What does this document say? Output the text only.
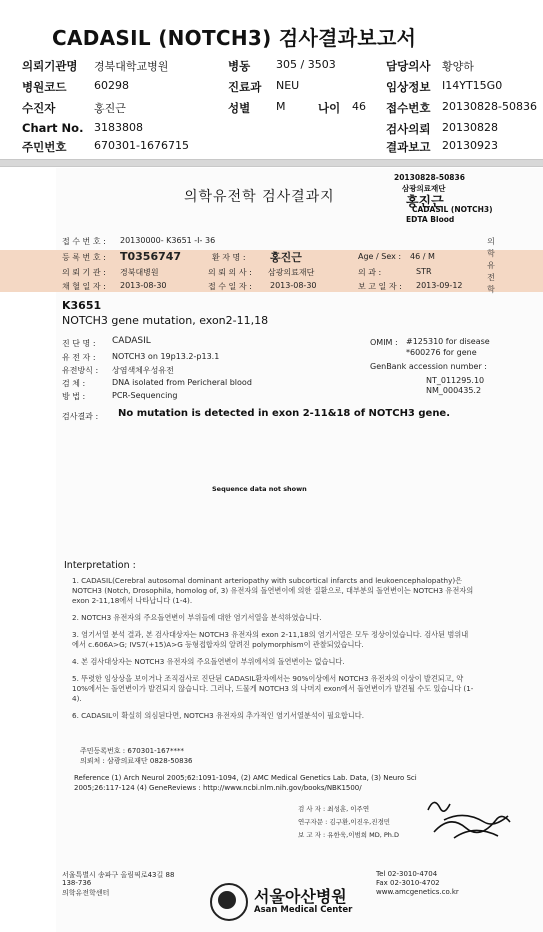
CADASIL (NOTCH3) 검사결과보고서
의뢰기관명 경북대학교병원	병동 305 / 3503	담당의사 황양하
병원코드	60298	진료과 NEU	임상정보 I14YT15G0
수진자	홍진근	성별 M	나이 46 접수번호 20130828-50836
Chart No. 3183808	검사의뢰 20130828
주민번호	670301-1676715	결과보고 20130923
의학유전학 검사결과지
20130828-50836
삼광의료재단
홍진근
CADASIL (NOTCH3)
EDTA Blood
접 수 번 호 : 20130000- K3651 -I- 36
등 록 번 호 : T0356747	환 자 명 : 홍진근	Age / Sex : 46 / M
의 뢰 기 관 : 경북대병원	의 뢰 의 사 : 삼광의료재단	의 과 :	STR
채 혈 일 자 : 2013-08-30	접 수 일 자 : 2013-08-30	보 고 일 자 : 2013-09-12
의
학
유
전
학
K3651
NOTCH3 gene mutation, exon2-11,18
진 단 명 : CADASIL
유 전 자 : NOTCH3 on 19p13.2-p13.1
유전방식 : 상염색체우성유전
검 체 :	DNA isolated from Pericheral blood
방 법 :	PCR-Sequencing
OMIM : #125310 for disease
*600276 for gene
GenBank accession number :
NT_011295.10
NM_000435.2
검사결과 : No mutation is detected in exon 2-11&18 of NOTCH3 gene.
Sequence data not shown
Interpretation :

1. CADASIL(Cerebral autosomal dominant arteriopathy with subcortical infarcts and leukoencephalopathy)은 NOTCH3 (Notch, Drosophila, homolog of, 3) 유전자의 돌연변이에 의한 질환으로, 대부분의 돌연변이는 NOTCH3 유전자의 exon 2-11,18에서 나타납니다 (1-4).

2. NOTCH3 유전자의 주요돌연변이 부위들에 대한 염기서열을 분석하였습니다.

3. 염기서열 분석 결과, 본 검사대상자는 NOTCH3 유전자의 exon 2-11,18의 염기서열은 모두 정상이었습니다. 검사된 범위내에서 c.606A>G; IVS7(+15)A>G 등형접합자의 알려진 polymorphism이 관찰되었습니다.

4. 본 검사대상자는 NOTCH3 유전자의 주요돌연변이 부위에서의 돌연변이는 없습니다.

5. 뚜렷한 임상상을 보이거나 조직검사로 진단된 CADASIL환자에서는 90%이상에서 NOTCH3 유전자의 이상이 발견되고, 약 10%에서는 돌연변이가 발견되지 않습니다. 그러나, 드물게 NOTCH3 의 나머지 exon에서 돌연변이가 발견될 수도 있습니다 (1-4).

6. CADASIL이 확실히 의심된다면, NOTCH3 유전자의 추가적인 염기서열분석이 필요합니다.

주민등록번호 : 670301-167****
의뢰처 : 삼광의료재단 0828-50836
Reference (1) Arch Neurol 2005;62:1091-1094, (2) AMC Medical Genetics Lab. Data, (3) Neuro Sci 2005;26:117-124 (4) GeneReviews : http://www.ncbi.nlm.nih.gov/books/NBK1500/
검 사 자 : 최성훈, 이주연
연구자문 : 김구환,이진우,진경민
보 고 자 : 유한욱,이범희 MD, Ph.D
서울특별시 송파구 올림픽로43길 88
138-736
의학유전학센터	서울아산병원
Asan Medical Center
Tel 02-3010-4704
Fax 02-3010-4702
www.amcgenetics.co.kr
